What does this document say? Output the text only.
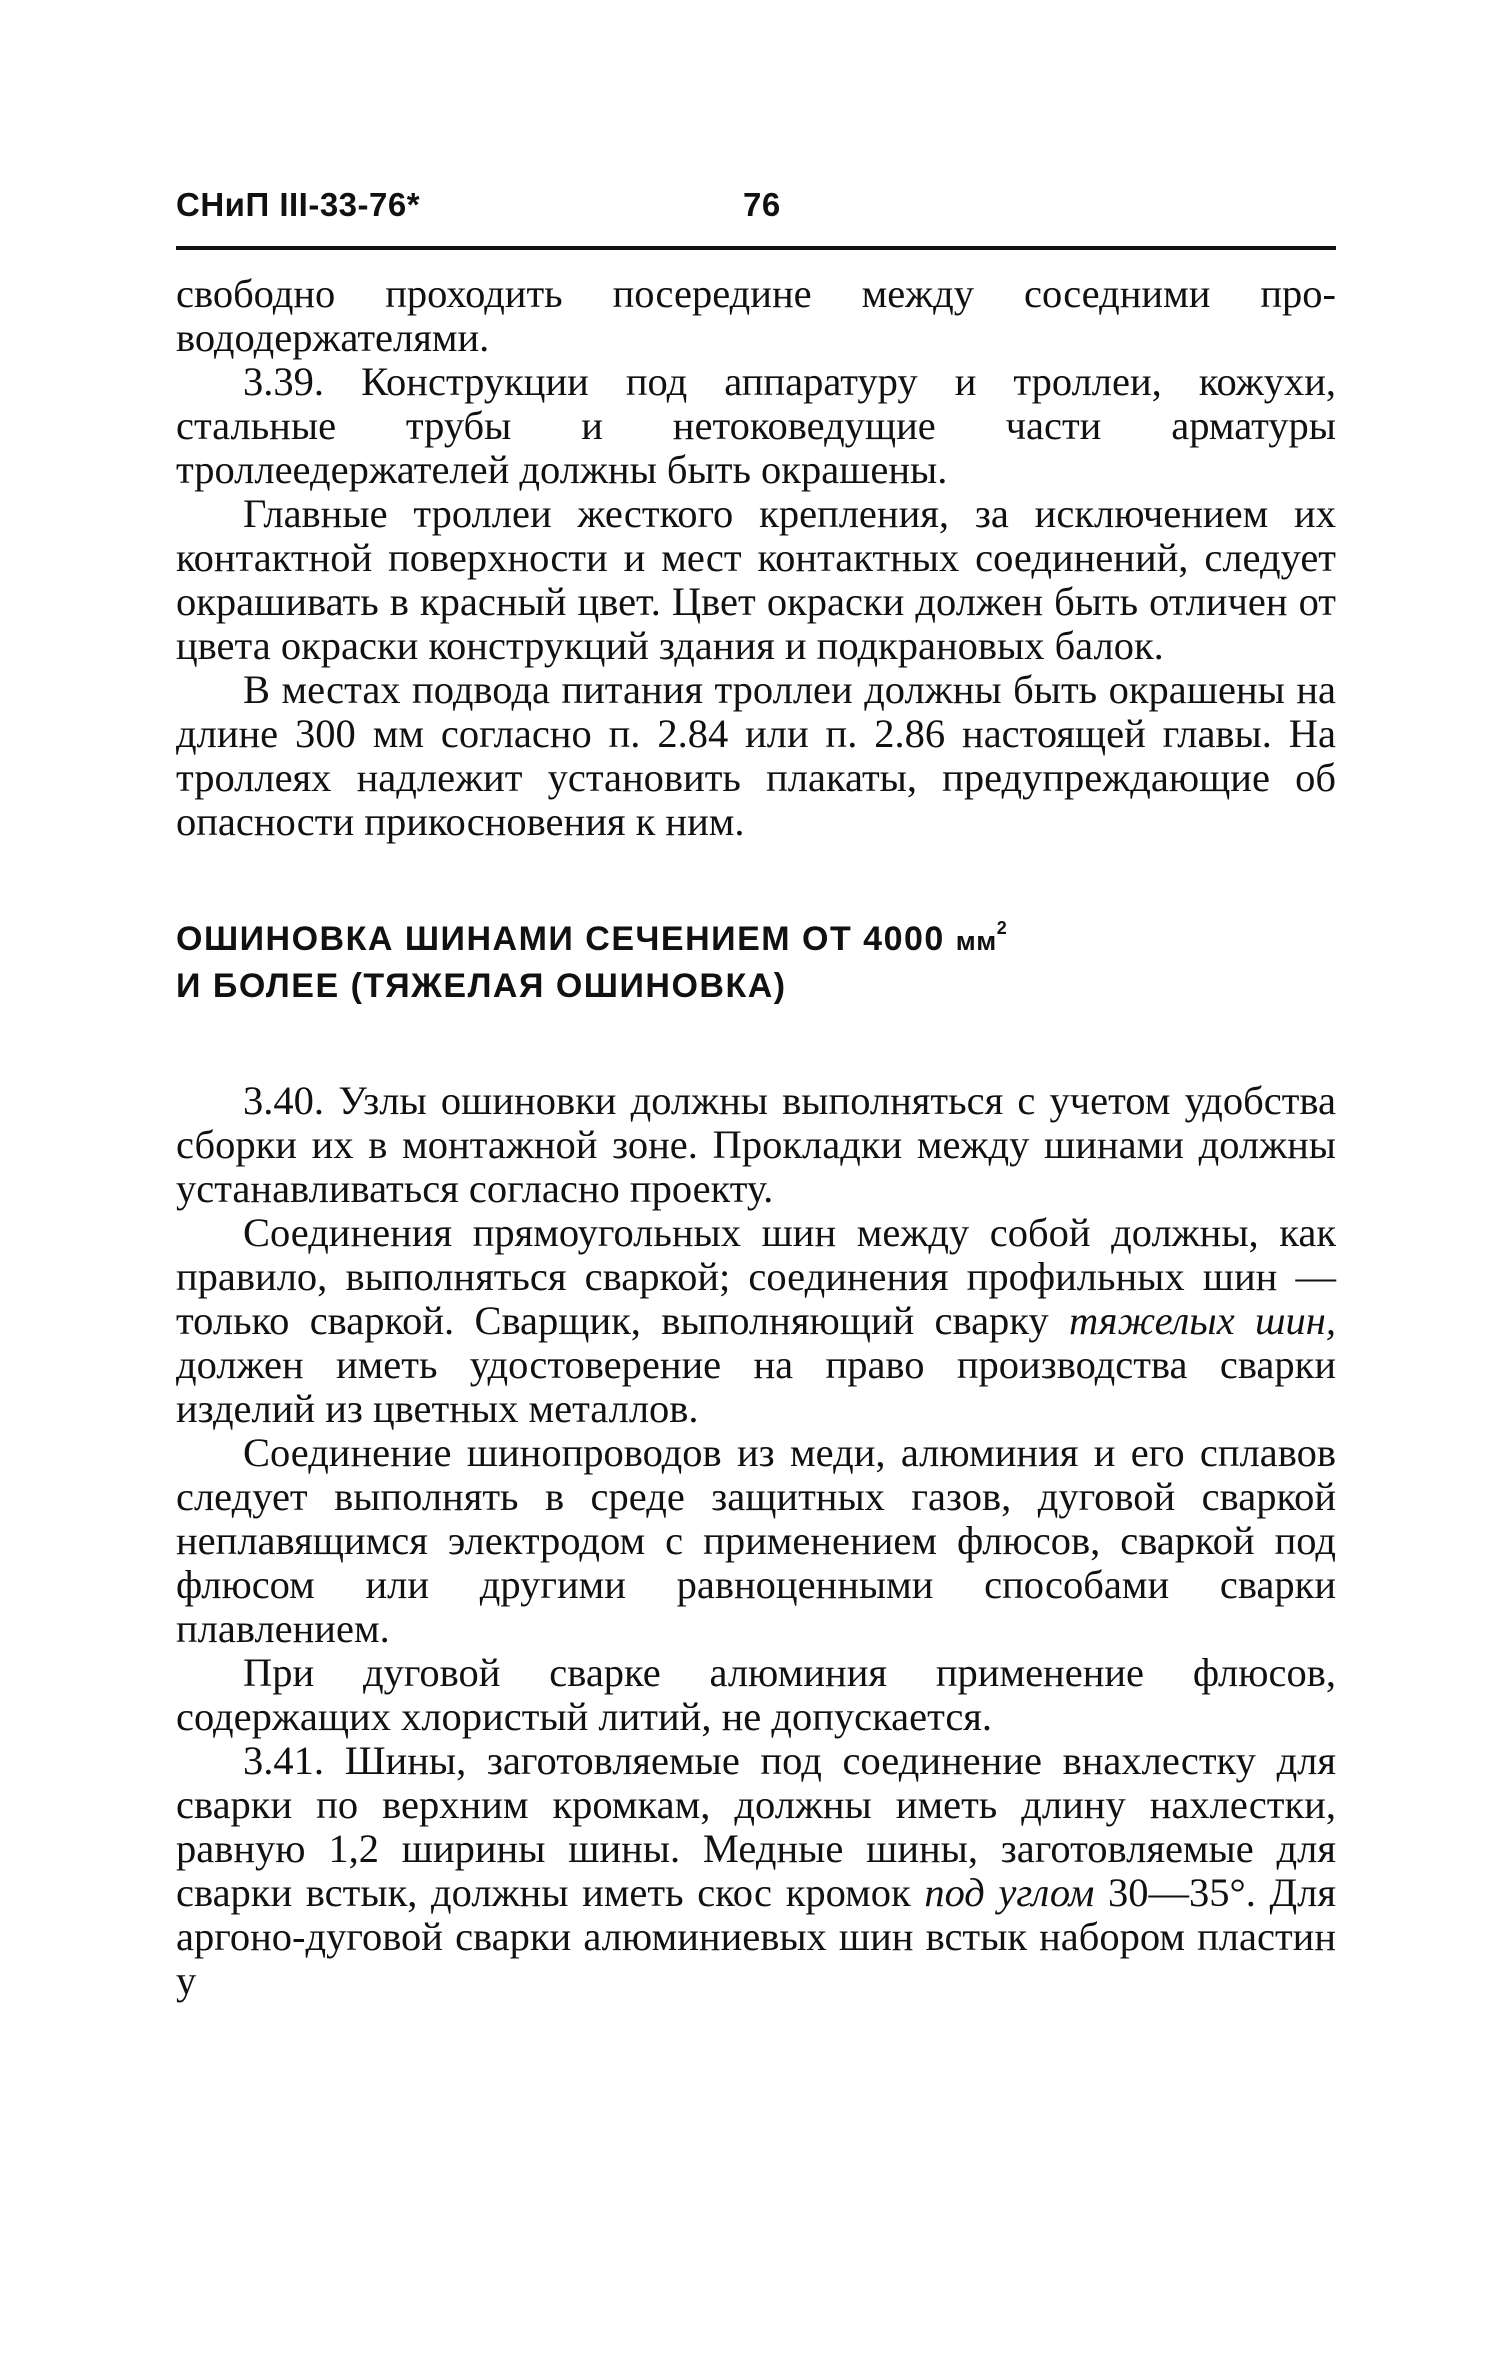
СНиП III-33-76*	76

свободно проходить посередине между соседними провододержателями.

3.39. Конструкции под аппаратуру и троллеи, кожухи, стальные трубы и нетоковедущие части арматуры троллеедержателей должны быть окрашены.

Главные троллеи жесткого крепления, за исключением их контактной поверхности и мест контактных соединений, следует окрашивать в красный цвет. Цвет окраски должен быть отличен от цвета окраски конструкций здания и подкрановых балок.

В местах подвода питания троллеи должны быть окрашены на длине 300 мм согласно п. 2.84 или п. 2.86 настоящей главы. На троллеях надлежит установить плакаты, предупреждающие об опасности прикосновения к ним.

ОШИНОВКА ШИНАМИ СЕЧЕНИЕМ ОТ 4000 $мм^2$
И БОЛЕЕ (ТЯЖЕЛАЯ ОШИНОВКА)

3.40. Узлы ошиновки должны выполняться с учетом удобства сборки их в монтажной зоне. Прокладки между шинами должны устанавливаться согласно проекту.

Соединения прямоугольных шин между собой должны, как правило, выполняться сваркой; соединения профильных шин — только сваркой. Сварщик, выполняющий сварку тяжелых шин, должен иметь удостоверение на право производства сварки изделий из цветных металлов.

Соединение шинопроводов из меди, алюминия и его сплавов следует выполнять в среде защитных газов, дуговой сваркой неплавящимся электродом с применением флюсов, сваркой под флюсом или другими равноценными способами сварки плавлением.

При дуговой сварке алюминия применение флюсов, содержащих хлористый литий, не допускается.

3.41. Шины, заготовляемые под соединение внахлестку для сварки по верхним кромкам, должны иметь длину нахлестки, равную 1,2 ширины шины. Медные шины, заготовляемые для сварки встык, должны иметь скос кромок под углом 30—35°. Для аргоно-дуговой сварки алюминиевых шин встык набором пластин у
